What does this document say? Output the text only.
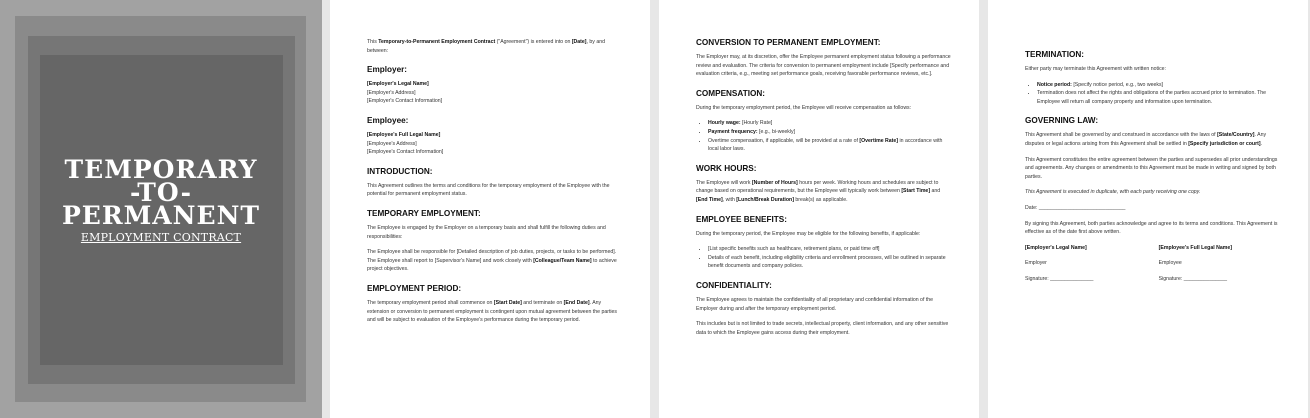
TEMPORARY
-TO-
PERMANENT
EMPLOYMENT CONTRACT

This Temporary-to-Permanent Employment Contract ("Agreement") is entered into on [Date], by and between:

Employer:
[Employer's Legal Name]
[Employer's Address]
[Employer's Contact Information]
Employee:
[Employee's Full Legal Name]
[Employee's Address]
[Employee's Contact Information]
INTRODUCTION:

This Agreement outlines the terms and conditions for the temporary employment of the Employee with the potential for permanent employment status.

TEMPORARY EMPLOYMENT:

The Employee is engaged by the Employer on a temporary basis and shall fulfill the following duties and responsibilities:

The Employee shall be responsible for [Detailed description of job duties, projects, or tasks to be performed]. The Employee shall report to [Supervisor's Name] and work closely with [Colleague/Team Name] to achieve project objectives.

EMPLOYMENT PERIOD:

The temporary employment period shall commence on [Start Date] and terminate on [End Date]. Any extension or conversion to permanent employment is contingent upon mutual agreement between the parties and will be subject to evaluation of the Employee's performance during the temporary period.

CONVERSION TO PERMANENT EMPLOYMENT:

The Employer may, at its discretion, offer the Employee permanent employment status following a performance review and evaluation. The criteria for conversion to permanent employment include [Specify performance and evaluation criteria, e.g., meeting set performance goals, receiving favorable performance reviews, etc.].

COMPENSATION:

During the temporary employment period, the Employee will receive compensation as follows:

• Hourly wage: [Hourly Rate]
• Payment frequency: [e.g., bi-weekly]
• Overtime compensation, if applicable, will be provided at a rate of [Overtime Rate] in accordance with local labor laws.
WORK HOURS:

The Employee will work [Number of Hours] hours per week. Working hours and schedules are subject to change based on operational requirements, but the Employee will typically work between [Start Time] and [End Time], with [Lunch/Break Duration] break(s) as applicable.

EMPLOYEE BENEFITS:

During the temporary period, the Employee may be eligible for the following benefits, if applicable:

• [List specific benefits such as healthcare, retirement plans, or paid time off]
• Details of each benefit, including eligibility criteria and enrollment processes, will be outlined in separate benefit documents and company policies.
CONFIDENTIALITY:

The Employee agrees to maintain the confidentiality of all proprietary and confidential information of the Employer during and after the temporary employment period.

This includes but is not limited to trade secrets, intellectual property, client information, and any other sensitive data to which the Employee gains access during their employment.

TERMINATION:

Either party may terminate this Agreement with written notice:

• Notice period: [Specify notice period, e.g., two weeks]
• Termination does not affect the rights and obligations of the parties accrued prior to termination. The Employee will return all company property and information upon termination.
GOVERNING LAW:

This Agreement shall be governed by and construed in accordance with the laws of [State/Country]. Any disputes or legal actions arising from this Agreement shall be settled in [Specify jurisdiction or court].

This Agreement constitutes the entire agreement between the parties and supersedes all prior understandings and agreements. Any changes or amendments to this Agreement must be made in writing and signed by both parties.

This Agreement is executed in duplicate, with each party receiving one copy.

Date: ______________________________

By signing this Agreement, both parties acknowledge and agree to its terms and conditions. This Agreement is effective as of the date first above written.

[Employer's Legal Name]
Employer
Signature: _______________
[Employee's Full Legal Name]
Employee
Signature: _______________
